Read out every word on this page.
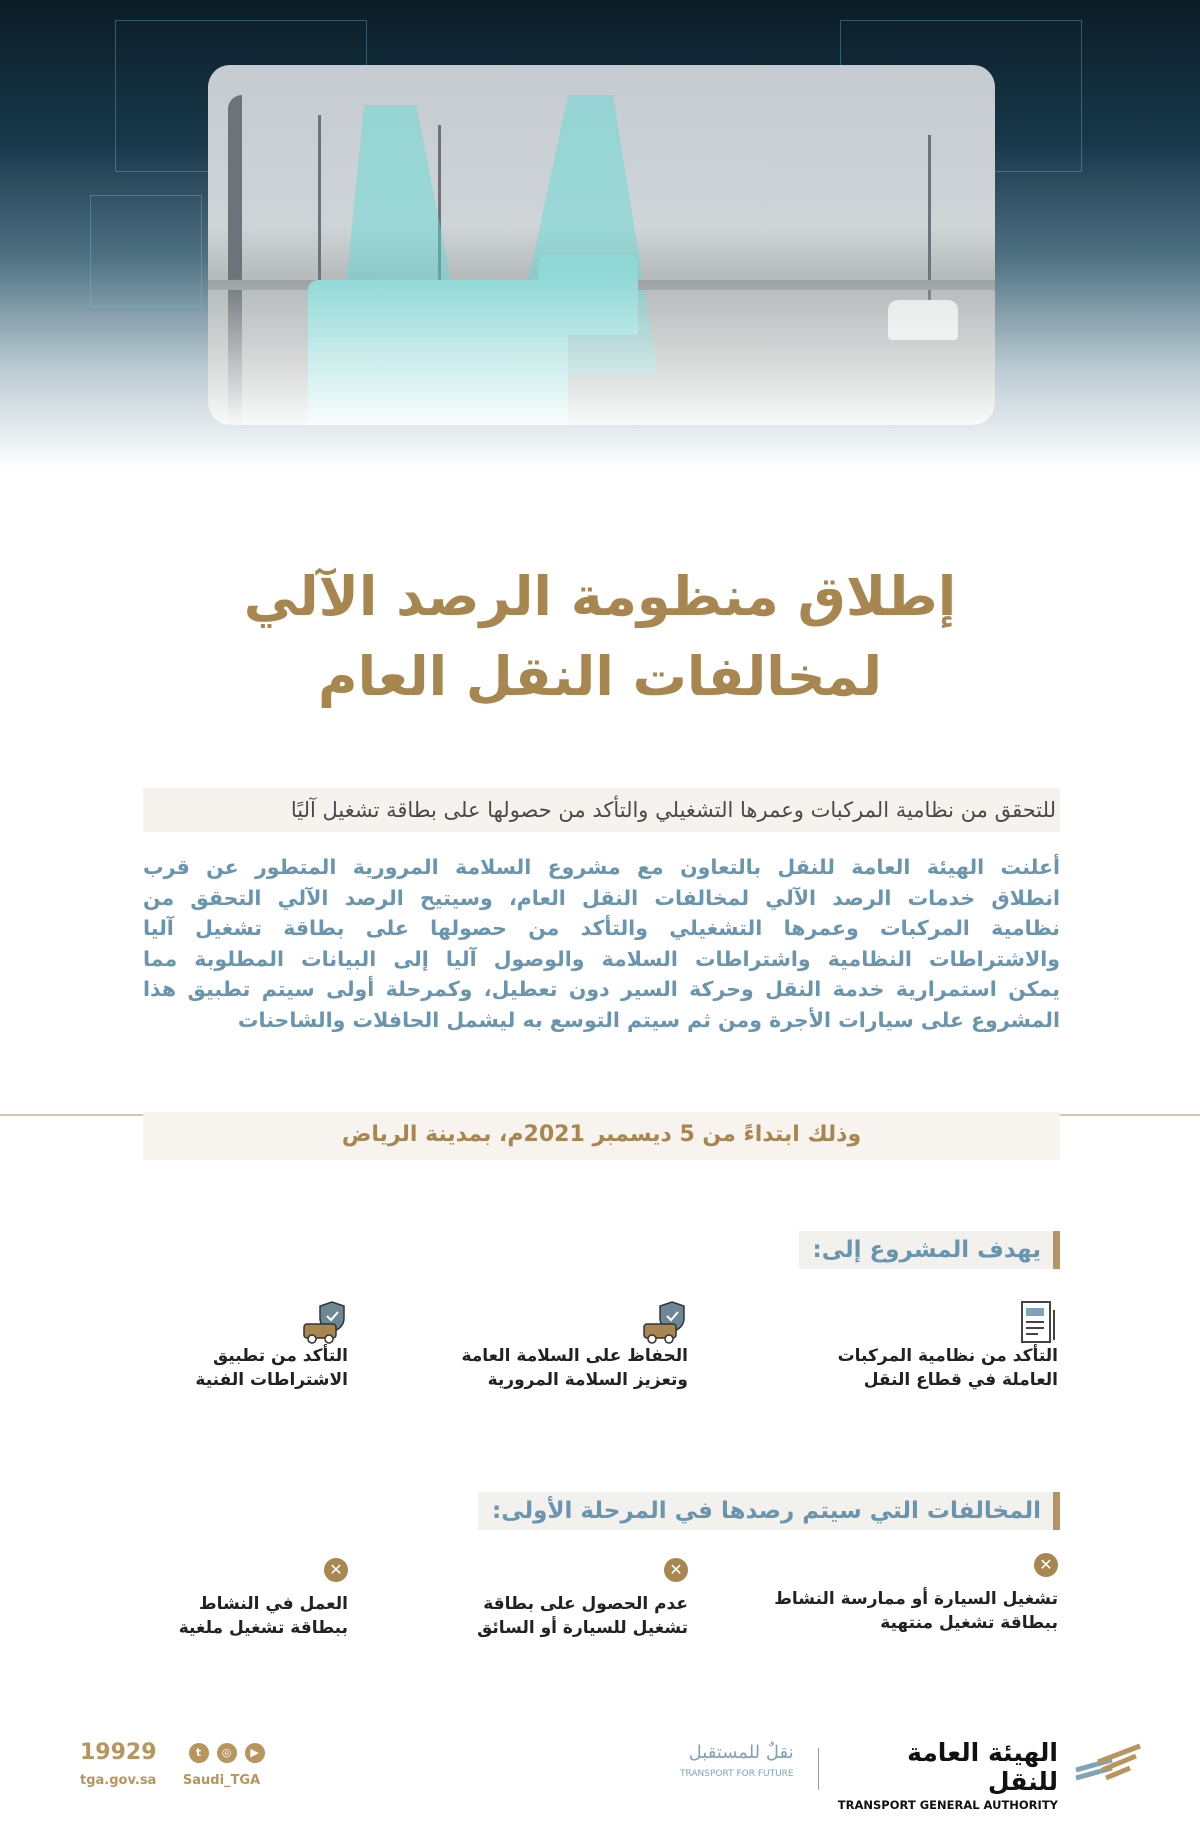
إطلاق منظومة الرصد الآلي
لمخالفات النقل العام
للتحقق من نظامية المركبات وعمرها التشغيلي والتأكد من حصولها على بطاقة تشغيل آليًا
أعلنت الهيئة العامة للنقل بالتعاون مع مشروع السلامة المرورية المتطور عن قرب
انطلاق خدمات الرصد الآلي لمخالفات النقل العام، وسيتيح الرصد الآلي التحقق من
نظامية المركبات وعمرها التشغيلي والتأكد من حصولها على بطاقة تشغيل آليا
والاشتراطات النظامية واشتراطات السلامة والوصول آليا إلى البيانات المطلوبة مما
يمكن استمرارية خدمة النقل وحركة السير دون تعطيل، وكمرحلة أولى سيتم تطبيق هذا
المشروع على سيارات الأجرة ومن ثم سيتم التوسع به ليشمل الحافلات والشاحنات
وذلك ابتداءً من 5 ديسمبر 2021م، بمدينة الرياض
يهدف المشروع إلى:
التأكد من نظامية المركبات
العاملة في قطاع النقل
الحفاظ على السلامة العامة
وتعزيز السلامة المرورية
التأكد من تطبيق
الاشتراطات الفنية
المخالفات التي سيتم رصدها في المرحلة الأولى:
✕
تشغيل السيارة أو ممارسة النشاط
ببطاقة تشغيل منتهية
✕
عدم الحصول على بطاقة
تشغيل للسيارة أو السائق
✕
العمل في النشاط
ببطاقة تشغيل ملغية
19929	t	◎	▶
tga.gov.sa Saudi_TGA
نقلٌ للمستقبل
TRANSPORT FOR FUTURE
الهيئة العامة للنقل
TRANSPORT GENERAL AUTHORITY
